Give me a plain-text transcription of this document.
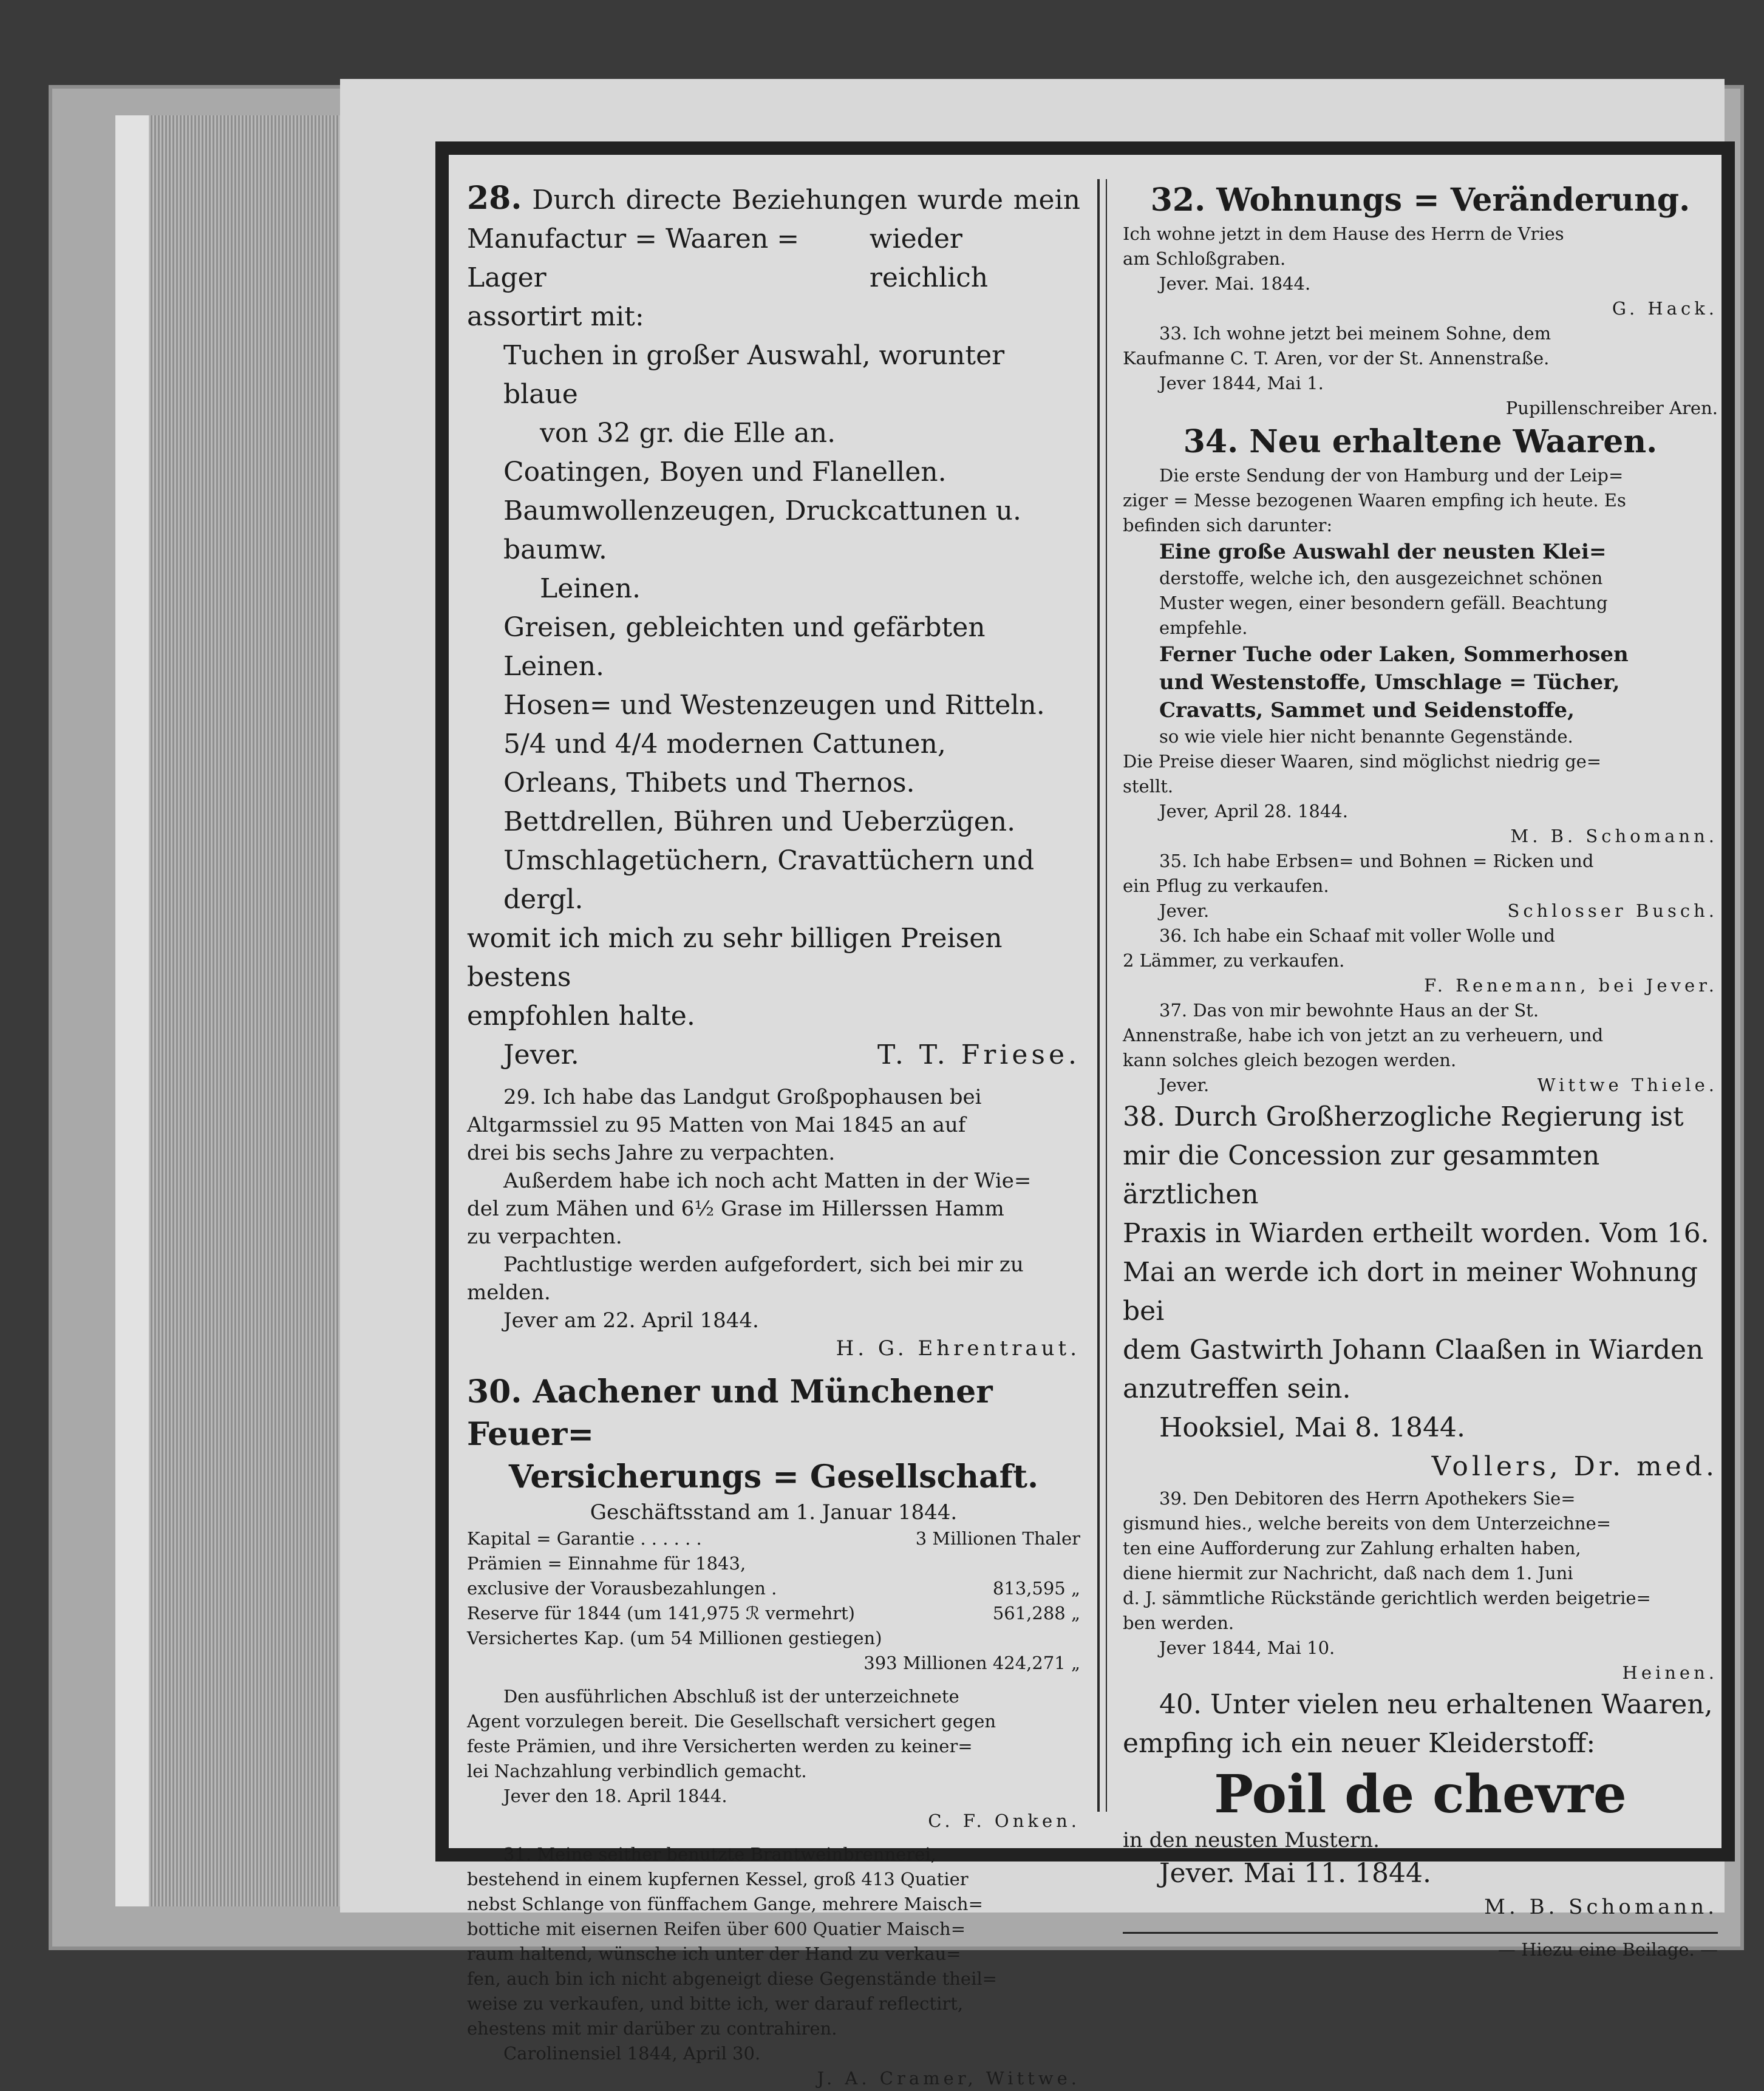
28. Durch directe Beziehungen wurde mein

Manufactur = Waaren = Lager
wieder reichlich

assortirt mit:

Tuchen in großer Auswahl, worunter blaue

von 32 gr. die Elle an.

Coatingen, Boyen und Flanellen.

Baumwollenzeugen, Druckcattunen u. baumw.

Leinen.

Greisen, gebleichten und gefärbten Leinen.

Hosen= und Westenzeugen und Ritteln.

5/4 und 4/4 modernen Cattunen,

Orleans, Thibets und Thernos.

Bettdrellen, Bühren und Ueberzügen.

Umschlagetüchern, Cravattüchern und dergl.

womit ich mich zu sehr billigen Preisen bestens

empfohlen halte.

Jever.	T. T. Friese.

29. Ich habe das Landgut Großpophausen bei

Altgarmssiel zu 95 Matten von Mai 1845 an auf

drei bis sechs Jahre zu verpachten.

Außerdem habe ich noch acht Matten in der Wie=

del zum Mähen und 6½ Grase im Hillerssen Hamm

zu verpachten.

Pachtlustige werden aufgefordert, sich bei mir zu

melden.

Jever am 22. April 1844.

H. G. Ehrentraut.

30. Aachener und Münchener Feuer=

Versicherungs = Gesellschaft.

Geschäftsstand am 1. Januar 1844.

Kapital = Garantie . . . . . .	3 Millionen Thaler

Prämien = Einnahme für 1843,

exclusive der Vorausbezahlungen .	813,595 „

Reserve für 1844 (um 141,975 ℛ vermehrt)	561,288 „

Versichertes Kap. (um 54 Millionen gestiegen)

393 Millionen 424,271 „

Den ausführlichen Abschluß ist der unterzeichnete

Agent vorzulegen bereit. Die Gesellschaft versichert gegen

feste Prämien, und ihre Versicherten werden zu keiner=

lei Nachzahlung verbindlich gemacht.

Jever den 18. April 1844.

C. F. Onken.

31. Meine seither benutzte Brantweinbrennerei,

bestehend in einem kupfernen Kessel, groß 413 Quatier

nebst Schlange von fünffachem Gange, mehrere Maisch=

bottiche mit eisernen Reifen über 600 Quatier Maisch=

raum haltend, wünsche ich unter der Hand zu verkau=

fen, auch bin ich nicht abgeneigt diese Gegenstände theil=

weise zu verkaufen, und bitte ich, wer darauf reflectirt,

ehestens mit mir darüber zu contrahiren.

Carolinensiel 1844, April 30.

J. A. Cramer, Wittwe.

32. Wohnungs = Veränderung.

Ich wohne jetzt in dem Hause des Herrn de Vries

am Schloßgraben.

Jever. Mai. 1844.

G. Hack.

33. Ich wohne jetzt bei meinem Sohne, dem

Kaufmanne C. T. Aren, vor der St. Annenstraße.

Jever 1844, Mai 1.

Pupillenschreiber Aren.

34. Neu erhaltene Waaren.

Die erste Sendung der von Hamburg und der Leip=

ziger = Messe bezogenen Waaren empfing ich heute. Es

befinden sich darunter:

Eine große Auswahl der neusten Klei=

derstoffe, welche ich, den ausgezeichnet schönen

Muster wegen, einer besondern gefäll. Beachtung

empfehle.

Ferner Tuche oder Laken, Sommerhosen

und Westenstoffe, Umschlage = Tücher,

Cravatts, Sammet und Seidenstoffe,

so wie viele hier nicht benannte Gegenstände.

Die Preise dieser Waaren, sind möglichst niedrig ge=

stellt.

Jever, April 28. 1844.

M. B. Schomann.

35. Ich habe Erbsen= und Bohnen = Ricken und

ein Pflug zu verkaufen.

Jever.	Schlosser Busch.

36. Ich habe ein Schaaf mit voller Wolle und

2 Lämmer, zu verkaufen.

F. Renemann, bei Jever.

37. Das von mir bewohnte Haus an der St.

Annenstraße, habe ich von jetzt an zu verheuern, und

kann solches gleich bezogen werden.

Jever.	Wittwe Thiele.

38. Durch Großherzogliche Regierung ist

mir die Concession zur gesammten ärztlichen

Praxis in Wiarden ertheilt worden. Vom 16.

Mai an werde ich dort in meiner Wohnung bei

dem Gastwirth Johann Claaßen in Wiarden

anzutreffen sein.

Hooksiel, Mai 8. 1844.

Vollers, Dr. med.

39. Den Debitoren des Herrn Apothekers Sie=

gismund hies., welche bereits von dem Unterzeichne=

ten eine Aufforderung zur Zahlung erhalten haben,

diene hiermit zur Nachricht, daß nach dem 1. Juni

d. J. sämmtliche Rückstände gerichtlich werden beigetrie=

ben werden.

Jever 1844, Mai 10.

Heinen.

40. Unter vielen neu erhaltenen Waaren,

empfing ich ein neuer Kleiderstoff:

Poil de chevre

in den neusten Mustern.

Jever. Mai 11. 1844.

M. B. Schomann.

— Hiezu eine Beilage. —
